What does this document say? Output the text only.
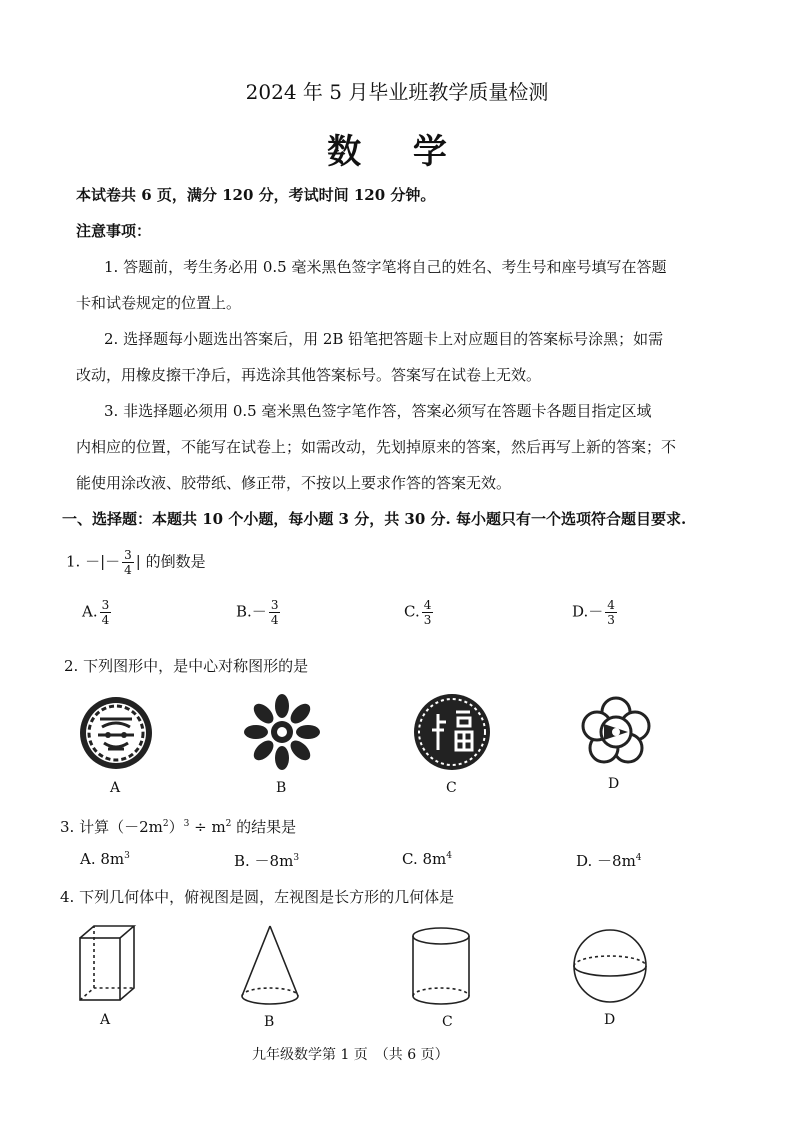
2024 年 5 月毕业班教学质量检测
数 学
本试卷共 6 页，满分 120 分，考试时间 120 分钟。
注意事项：
1. 答题前，考生务必用 0.5 毫米黑色签字笔将自己的姓名、考生号和座号填写在答题
卡和试卷规定的位置上。
2. 选择题每小题选出答案后，用 2B 铅笔把答题卡上对应题目的答案标号涂黑；如需
改动，用橡皮擦干净后，再选涂其他答案标号。答案写在试卷上无效。
3. 非选择题必须用 0.5 毫米黑色签字笔作答，答案必须写在答题卡各题目指定区域
内相应的位置，不能写在试卷上；如需改动，先划掉原来的答案，然后再写上新的答案；不
能使用涂改液、胶带纸、修正带，不按以上要求作答的答案无效。
一、选择题：本题共 10 个小题，每小题 3 分，共 30 分. 每小题只有一个选项符合题目要求.
1. －|－ $\frac{3}{4}$ | 的倒数是
A. $\frac{3}{4}$	$B.- \frac{3}{4}$	C. $\frac{4}{3}$	$D.- \frac{4}{3}$
2. 下列图形中，是中心对称图形的是
A	B	C	D
3. 计算$(-2m^2)^3 \div m^2$ 的结果是
A. $8m^3$	B. $-8m^3$	C. $8m^4$	D. $-8m^4$
4. 下列几何体中，俯视图是圆，左视图是长方形的几何体是
A	B	C	D
九年级数学第 1 页　（共 6 页）
